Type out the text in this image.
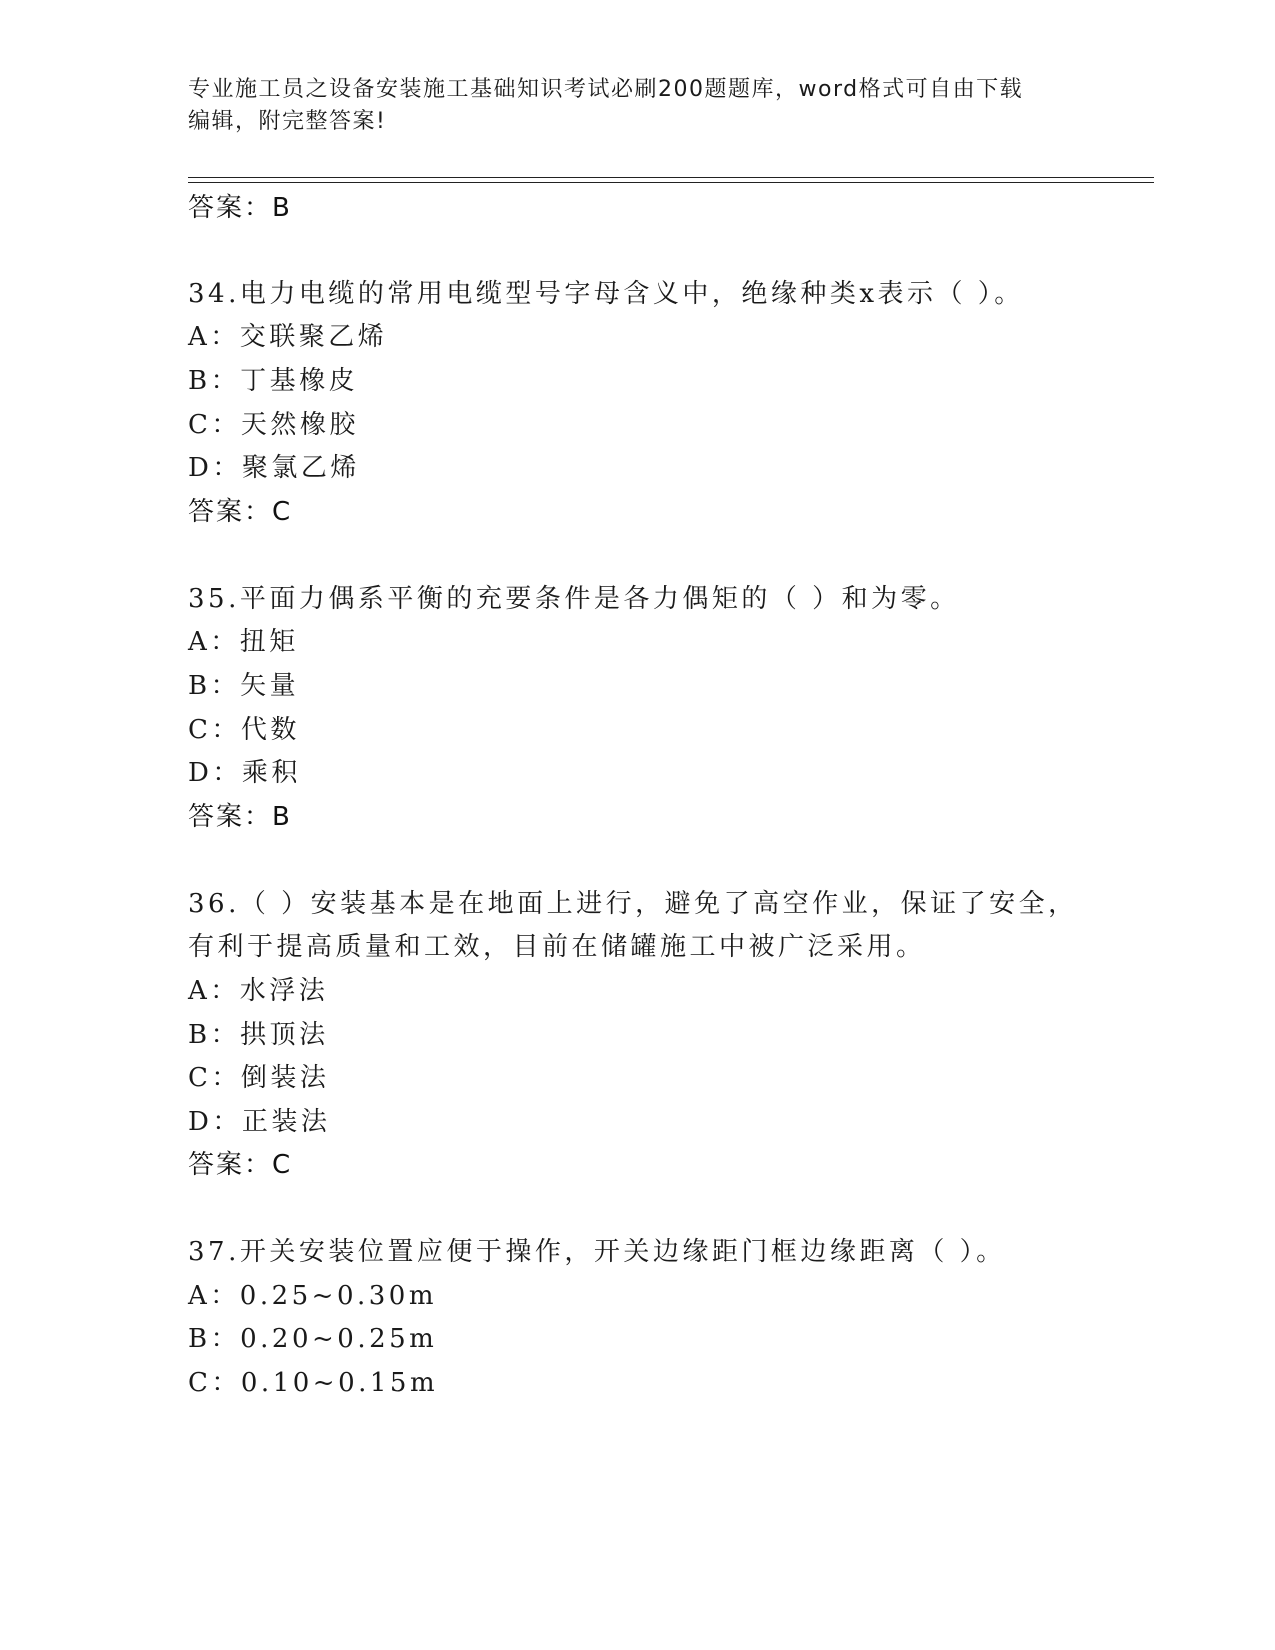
专业施工员之设备安装施工基础知识考试必刷200题题库，word格式可自由下载
编辑，附完整答案!
答案：B
34.电力电缆的常用电缆型号字母含义中，绝缘种类x表示（ ）。
A：交联聚乙烯
B：丁基橡皮
C：天然橡胶
D：聚氯乙烯
答案：C
35.平面力偶系平衡的充要条件是各力偶矩的（ ）和为零。
A：扭矩
B：矢量
C：代数
D：乘积
答案：B
36.（ ）安装基本是在地面上进行，避免了高空作业，保证了安全，
有利于提高质量和工效，目前在储罐施工中被广泛采用。
A：水浮法
B：拱顶法
C：倒装法
D：正装法
答案：C
37.开关安装位置应便于操作，开关边缘距门框边缘距离（ ）。
A：0.25~0.30m
B：0.20~0.25m
C：0.10~0.15m
